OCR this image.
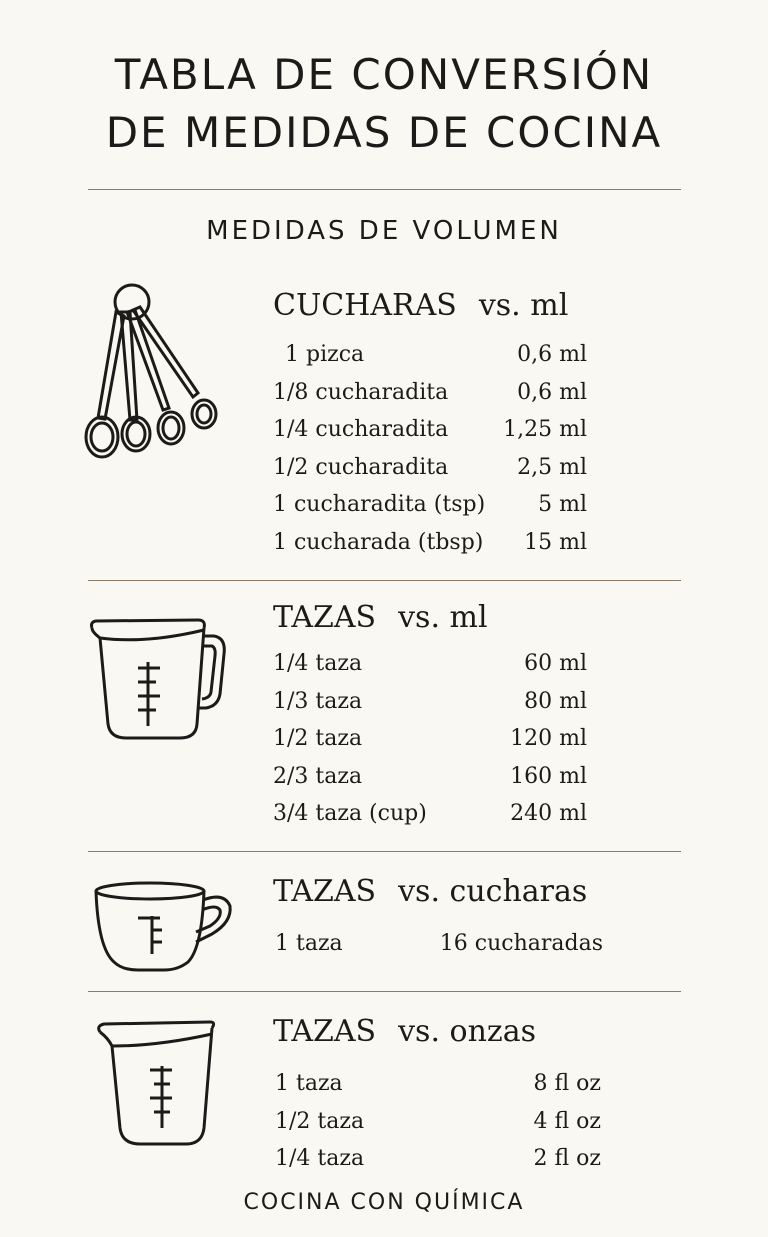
TABLA DE CONVERSIÓN
DE MEDIDAS DE COCINA
MEDIDAS DE VOLUMEN
CUCHARAS vs. ml
1 pizca	0,6 ml
1/8 cucharadita	0,6 ml
1/4 cucharadita 1,25 ml
1/2 cucharadita	2,5 ml
1 cucharadita (tsp) 5 ml
1 cucharada (tbsp) 15 ml
TAZAS vs. ml
1/4 taza	60 ml
1/3 taza	80 ml
1/2 taza	120 ml
2/3 taza	160 ml
3/4 taza (cup)	240 ml
TAZAS vs. cucharas
1 taza	16 cucharadas
TAZAS vs. onzas
1 taza	8 fl oz
1/2 taza	4 fl oz
1/4 taza	2 fl oz
COCINA CON QUÍMICA
